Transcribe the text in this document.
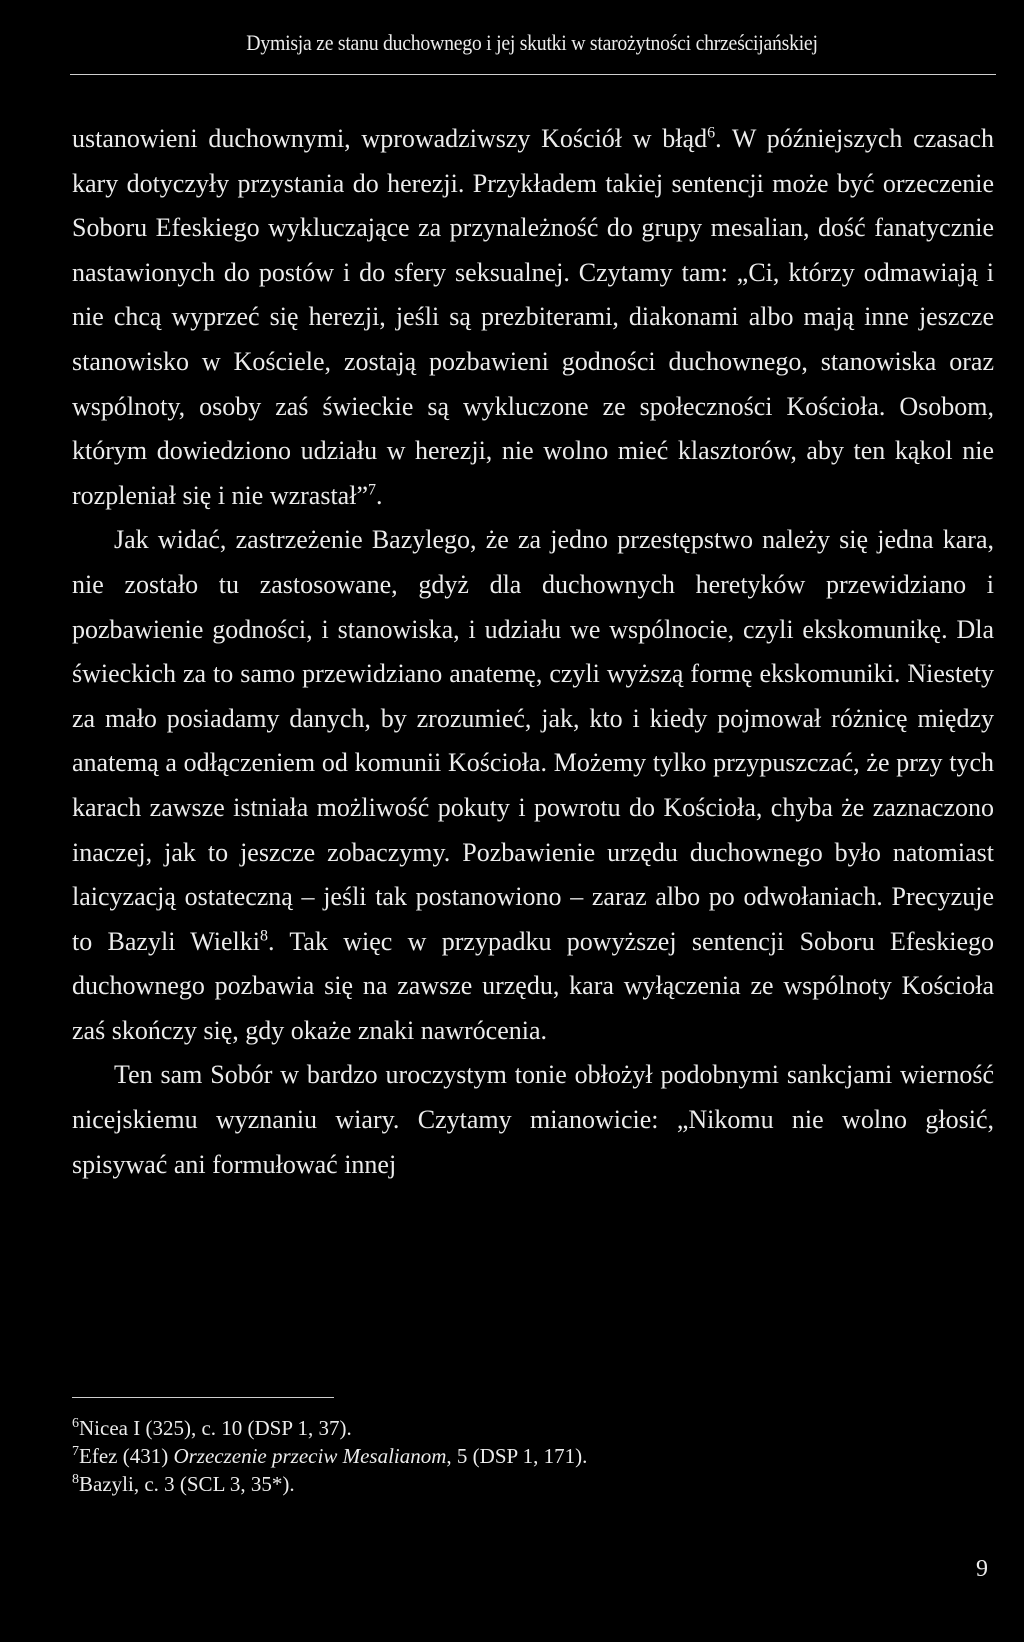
Dymisja ze stanu duchownego i jej skutki w starożytności chrześcijańskiej

ustanowieni duchownymi, wprowadziwszy Kościół w błąd$^6$. W późniejszych czasach kary dotyczyły przystania do herezji. Przykładem takiej sentencji może być orzeczenie Soboru Efeskiego wykluczające za przynależność do grupy mesalian, dość fanatycznie nastawionych do postów i do sfery seksualnej. Czytamy tam: „Ci, którzy odmawiają i nie chcą wyprzeć się herezji, jeśli są prezbiterami, diakonami albo mają inne jeszcze stanowisko w Kościele, zostają pozbawieni godności duchownego, stanowiska oraz wspólnoty, osoby zaś świeckie są wykluczone ze społeczności Kościoła. Osobom, którym dowiedziono udziału w herezji, nie wolno mieć klasztorów, aby ten kąkol nie rozpleniał się i nie wzrastał”$^7$.

Jak widać, zastrzeżenie Bazylego, że za jedno przestępstwo należy się jedna kara, nie zostało tu zastosowane, gdyż dla duchownych heretyków przewidziano i pozbawienie godności, i stanowiska, i udziału we wspólnocie, czyli ekskomunikę. Dla świeckich za to samo przewidziano anatemę, czyli wyższą formę ekskomuniki. Niestety za mało posiadamy danych, by zrozumieć, jak, kto i kiedy pojmował różnicę między anatemą a odłączeniem od komunii Kościoła. Możemy tylko przypuszczać, że przy tych karach zawsze istniała możliwość pokuty i powrotu do Kościoła, chyba że zaznaczono inaczej, jak to jeszcze zobaczymy. Pozbawienie urzędu duchownego było natomiast laicyzacją ostateczną – jeśli tak postanowiono – zaraz albo po odwołaniach. Precyzuje to Bazyli Wielki$^8$. Tak więc w przypadku powyższej sentencji Soboru Efeskiego duchownego pozbawia się na zawsze urzędu, kara wyłączenia ze wspólnoty Kościoła zaś skończy się, gdy okaże znaki nawrócenia.

Ten sam Sobór w bardzo uroczystym tonie obłożył podobnymi sankcjami wierność nicejskiemu wyznaniu wiary. Czytamy mianowicie: „Nikomu nie wolno głosić, spisywać ani formułować innej

$^6$Nicea I (325), c. 10 (DSP 1, 37).

$^7$Efez (431) Orzeczenie przeciw Mesalianom, 5 (DSP 1, 171).

$^8$Bazyli, c. 3 (SCL 3, 35*).

9
